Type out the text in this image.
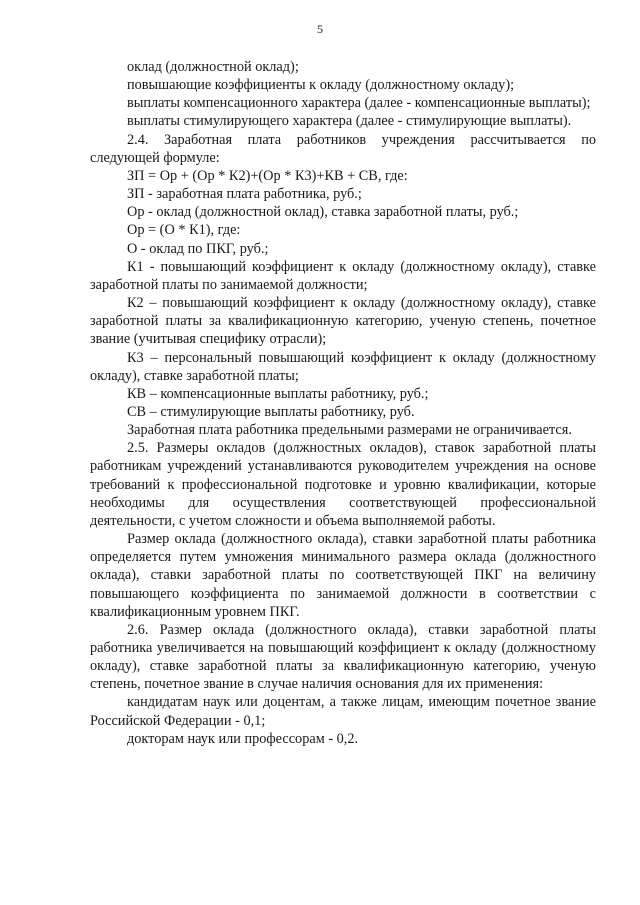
5

оклад (должностной оклад);

повышающие коэффициенты к окладу (должностному окладу);

выплаты компенсационного характера (далее - компенсационные выплаты);

выплаты стимулирующего характера (далее - стимулирующие выплаты).

2.4. Заработная плата работников учреждения рассчитывается по следующей формуле:

ЗП = Ор + (Ор * К2)+(Ор * К3)+КВ + СВ, где:

ЗП - заработная плата работника, руб.;

Ор - оклад (должностной оклад), ставка заработной платы, руб.;

Ор = (О * К1), где:

О - оклад по ПКГ, руб.;

К1 - повышающий коэффициент к окладу (должностному окладу), ставке заработной платы по занимаемой должности;

К2 – повышающий коэффициент к окладу (должностному окладу), ставке заработной платы за квалификационную категорию, ученую степень, почетное звание (учитывая специфику отрасли);

К3 – персональный повышающий коэффициент к окладу (должностному окладу), ставке заработной платы;

КВ – компенсационные выплаты работнику, руб.;

СВ – стимулирующие выплаты работнику, руб.

Заработная плата работника предельными размерами не ограничивается.

2.5. Размеры окладов (должностных окладов), ставок заработной платы работникам учреждений устанавливаются руководителем учреждения на основе требований к профессиональной подготовке и уровню квалификации, которые необходимы для осуществления соответствующей профессиональной деятельности, с учетом сложности и объема выполняемой работы.

Размер оклада (должностного оклада), ставки заработной платы работника определяется путем умножения минимального размера оклада (должностного оклада), ставки заработной платы по соответствующей ПКГ на величину повышающего коэффициента по занимаемой должности в соответствии с квалификационным уровнем ПКГ.

2.6. Размер оклада (должностного оклада), ставки заработной платы работника увеличивается на повышающий коэффициент к окладу (должностному окладу), ставке заработной платы за квалификационную категорию, ученую степень, почетное звание в случае наличия основания для их применения:

кандидатам наук или доцентам, а также лицам, имеющим почетное звание Российской Федерации - 0,1;

докторам наук или профессорам - 0,2.
